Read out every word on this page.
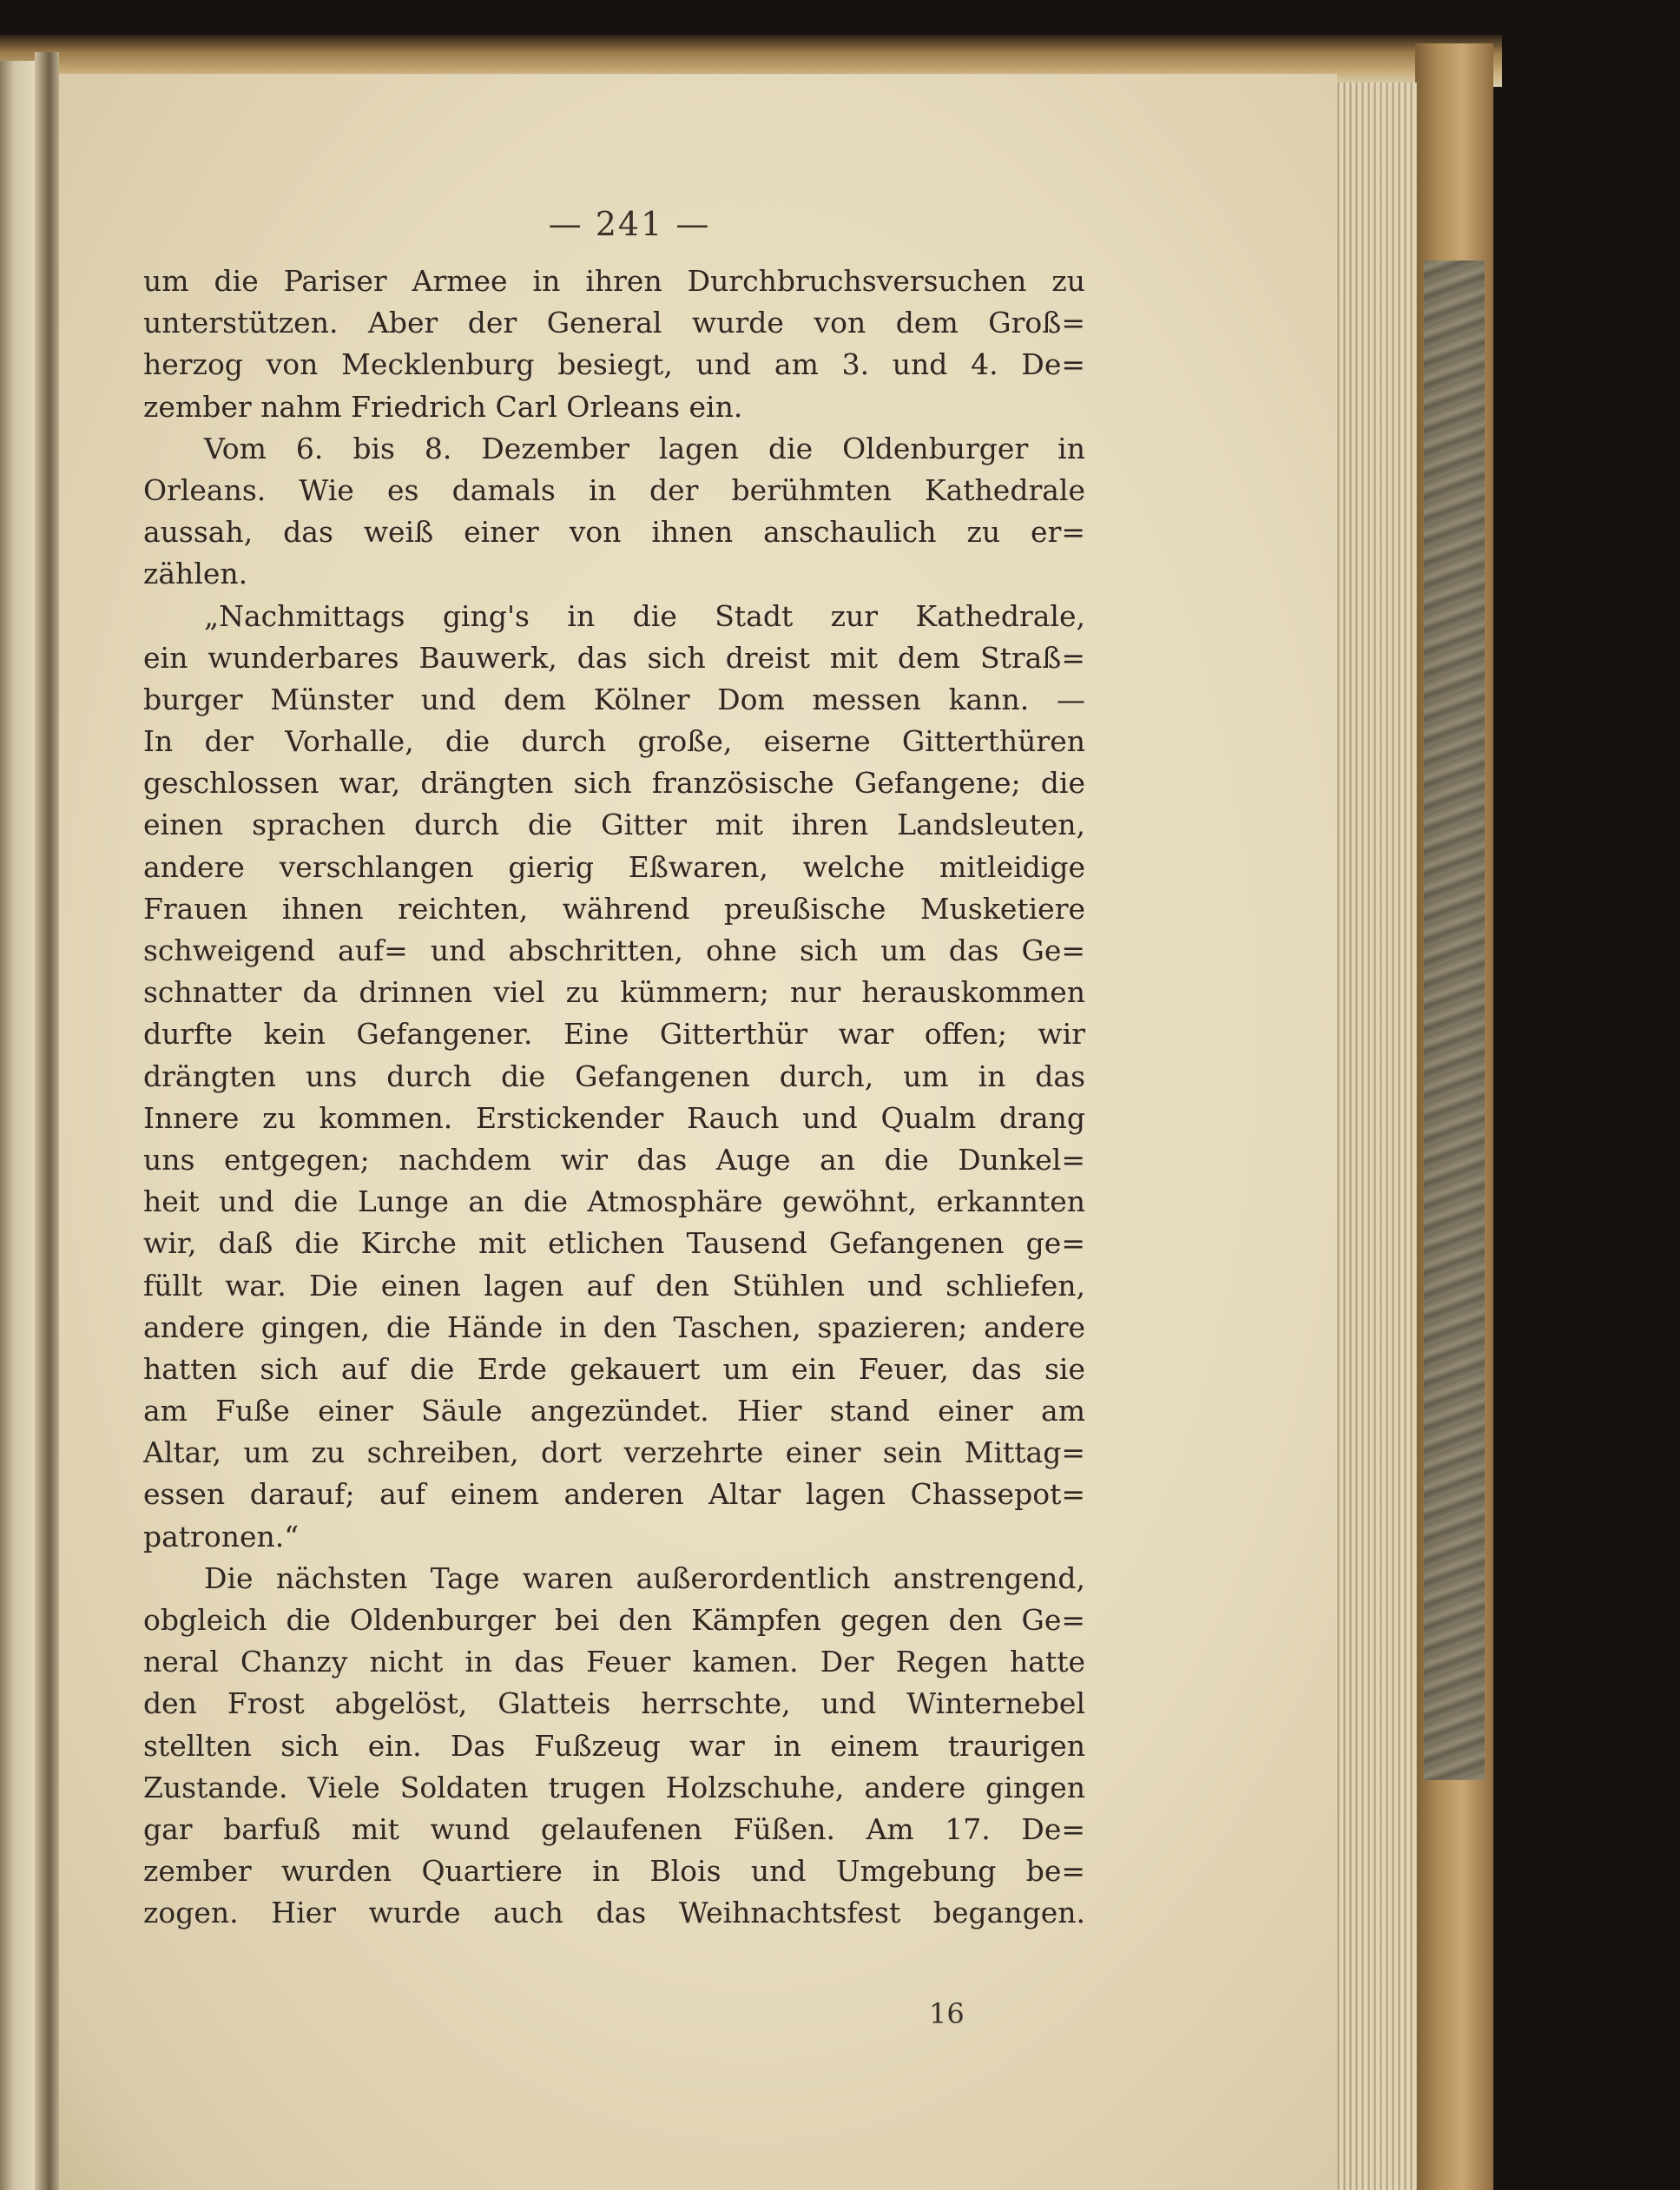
— 241 —
um die Pariser Armee in ihren Durchbruchsversuchen zu
unterstützen. Aber der General wurde von dem Groß=
herzog von Mecklenburg besiegt, und am 3. und 4. De=
zember nahm Friedrich Carl Orleans ein.
Vom 6. bis 8. Dezember lagen die Oldenburger in
Orleans. Wie es damals in der berühmten Kathedrale
aussah, das weiß einer von ihnen anschaulich zu er=
zählen.
„Nachmittags ging's in die Stadt zur Kathedrale,
ein wunderbares Bauwerk, das sich dreist mit dem Straß=
burger Münster und dem Kölner Dom messen kann. —
In der Vorhalle, die durch große, eiserne Gitterthüren
geschlossen war, drängten sich französische Gefangene; die
einen sprachen durch die Gitter mit ihren Landsleuten,
andere verschlangen gierig Eßwaren, welche mitleidige
Frauen ihnen reichten, während preußische Musketiere
schweigend auf= und abschritten, ohne sich um das Ge=
schnatter da drinnen viel zu kümmern; nur herauskommen
durfte kein Gefangener. Eine Gitterthür war offen; wir
drängten uns durch die Gefangenen durch, um in das
Innere zu kommen. Erstickender Rauch und Qualm drang
uns entgegen; nachdem wir das Auge an die Dunkel=
heit und die Lunge an die Atmosphäre gewöhnt, erkannten
wir, daß die Kirche mit etlichen Tausend Gefangenen ge=
füllt war. Die einen lagen auf den Stühlen und schliefen,
andere gingen, die Hände in den Taschen, spazieren; andere
hatten sich auf die Erde gekauert um ein Feuer, das sie
am Fuße einer Säule angezündet. Hier stand einer am
Altar, um zu schreiben, dort verzehrte einer sein Mittag=
essen darauf; auf einem anderen Altar lagen Chassepot=
patronen.“
Die nächsten Tage waren außerordentlich anstrengend,
obgleich die Oldenburger bei den Kämpfen gegen den Ge=
neral Chanzy nicht in das Feuer kamen. Der Regen hatte
den Frost abgelöst, Glatteis herrschte, und Winternebel
stellten sich ein. Das Fußzeug war in einem traurigen
Zustande. Viele Soldaten trugen Holzschuhe, andere gingen
gar barfuß mit wund gelaufenen Füßen. Am 17. De=
zember wurden Quartiere in Blois und Umgebung be=
zogen. Hier wurde auch das Weihnachtsfest begangen.
16
